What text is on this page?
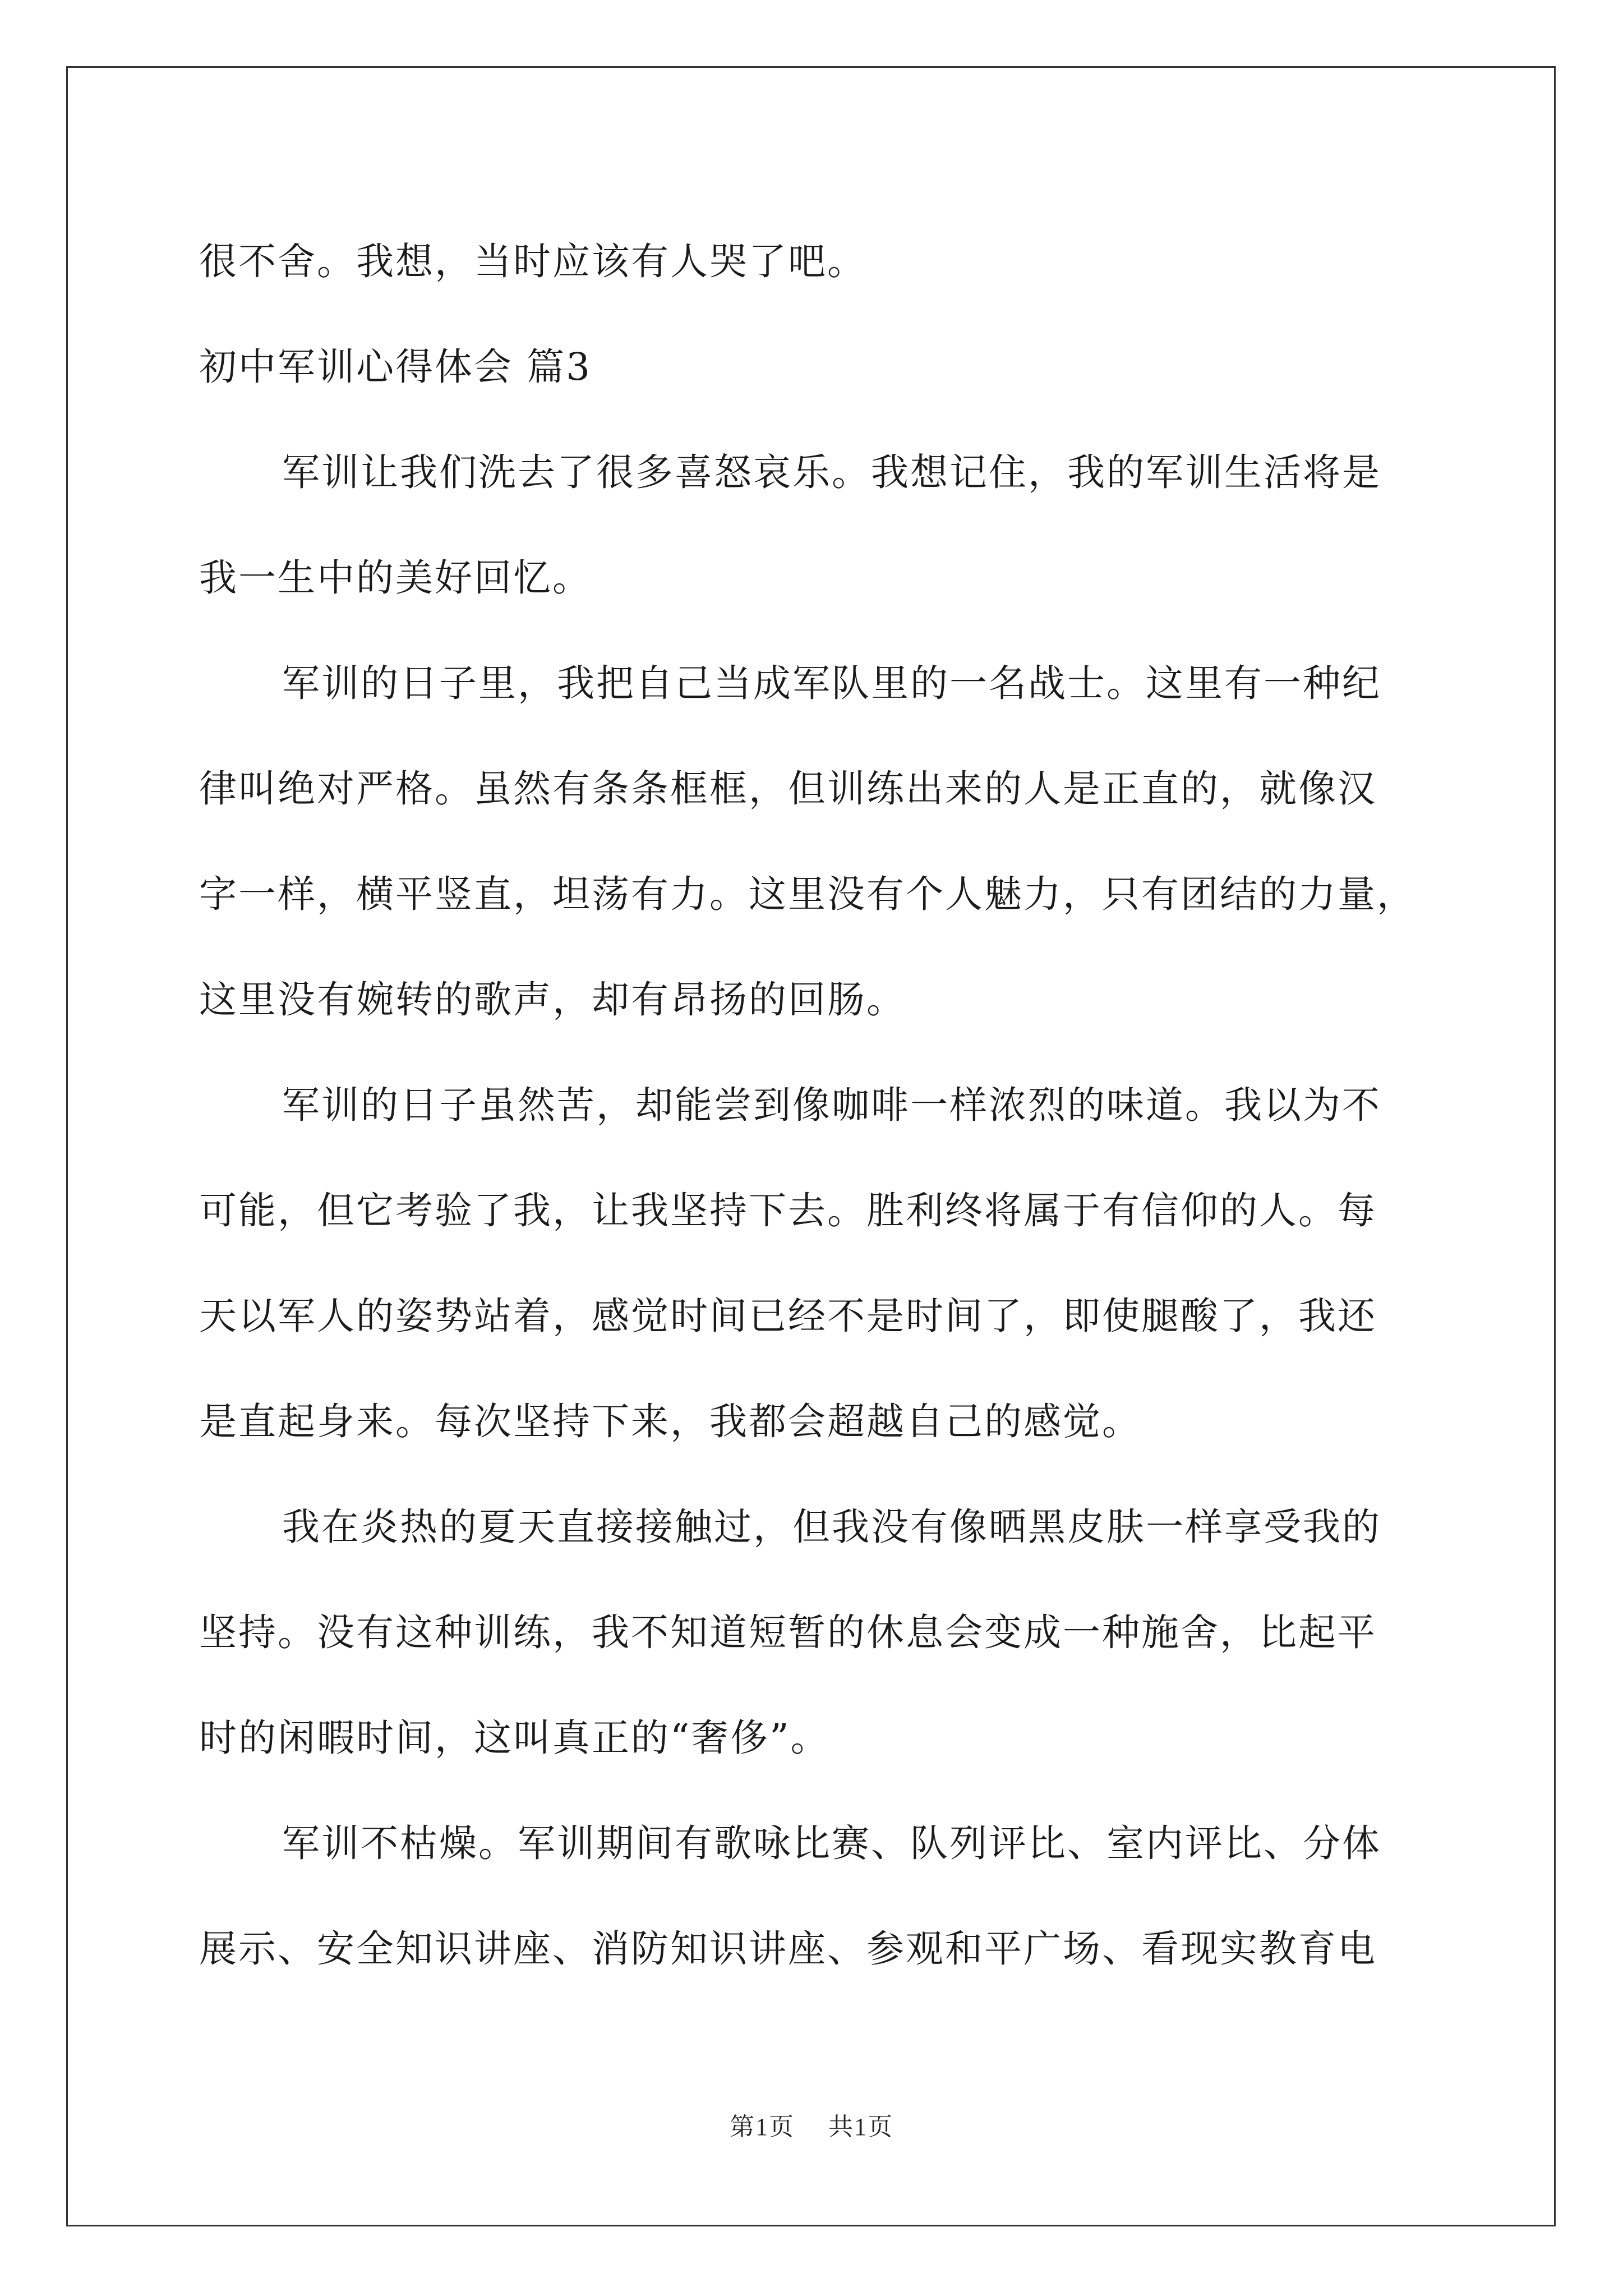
很不舍。我想，当时应该有人哭了吧。
初中军训心得体会 篇3
军训让我们洗去了很多喜怒哀乐。我想记住，我的军训生活将是
我一生中的美好回忆。
军训的日子里，我把自己当成军队里的一名战士。这里有一种纪
律叫绝对严格。虽然有条条框框，但训练出来的人是正直的，就像汉
字一样，横平竖直，坦荡有力。这里没有个人魅力，只有团结的力量，
这里没有婉转的歌声，却有昂扬的回肠。
军训的日子虽然苦，却能尝到像咖啡一样浓烈的味道。我以为不
可能，但它考验了我，让我坚持下去。胜利终将属于有信仰的人。每
天以军人的姿势站着，感觉时间已经不是时间了，即使腿酸了，我还
是直起身来。每次坚持下来，我都会超越自己的感觉。
我在炎热的夏天直接接触过，但我没有像晒黑皮肤一样享受我的
坚持。没有这种训练，我不知道短暂的休息会变成一种施舍，比起平
时的闲暇时间，这叫真正的“奢侈”。
军训不枯燥。军训期间有歌咏比赛、队列评比、室内评比、分体
展示、安全知识讲座、消防知识讲座、参观和平广场、看现实教育电
第1页 共1页
